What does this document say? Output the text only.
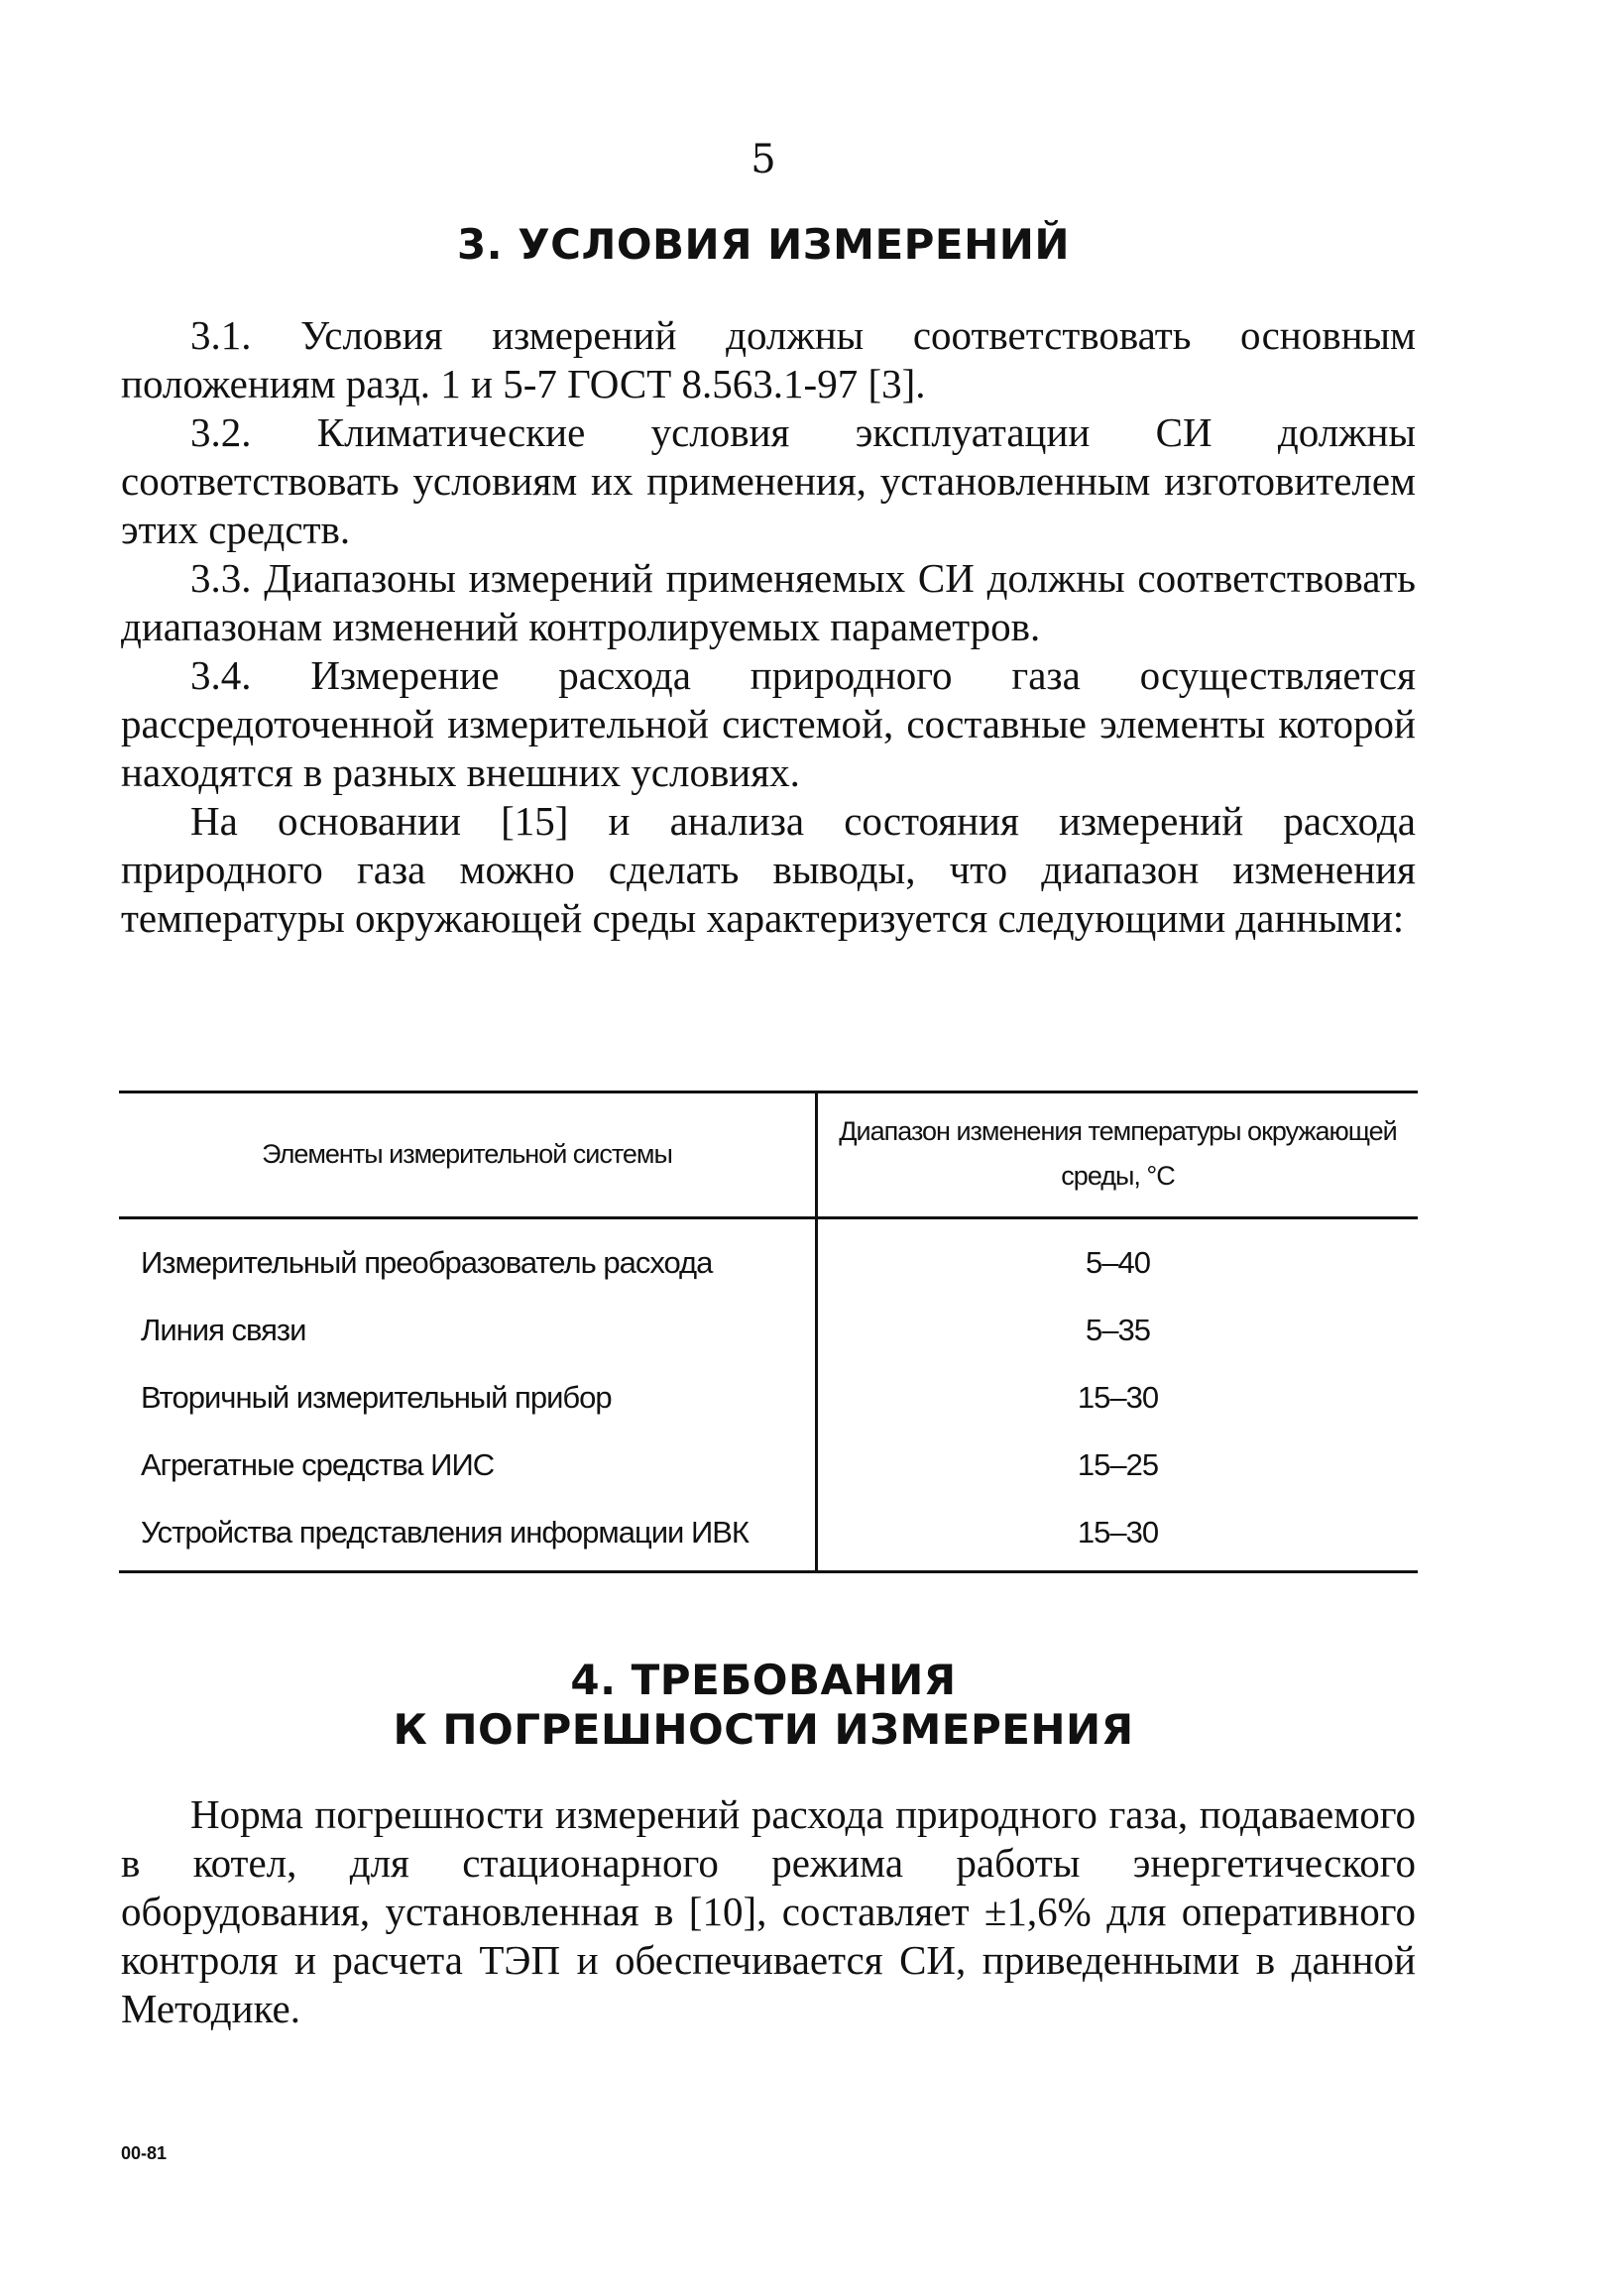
5
3. УСЛОВИЯ ИЗМЕРЕНИЙ

3.1. Условия измерений должны соответствовать основным положениям разд. 1 и 5-7 ГОСТ 8.563.1-97 [3].

3.2. Климатические условия эксплуатации СИ должны соответствовать условиям их применения, установленным изготовителем этих средств.

3.3. Диапазоны измерений применяемых СИ должны соответствовать диапазонам изменений контролируемых параметров.

3.4. Измерение расхода природного газа осуществляется рассредоточенной измерительной системой, составные элементы которой находятся в разных внешних условиях.

На основании [15] и анализа состояния измерений расхода природного газа можно сделать выводы, что диапазон изменения температуры окружающей среды характеризуется следующими данными:

Элементы измерительной системы	Диапазон изменения температуры окружающей среды, °С
Измерительный преобразователь расхода	5–40
Линия связи	5–35
Вторичный измерительный прибор	15–30
Агрегатные средства ИИС	15–25
Устройства представления информации ИВК	15–30
4. ТРЕБОВАНИЯ
К ПОГРЕШНОСТИ ИЗМЕРЕНИЯ

Норма погрешности измерений расхода природного газа, подаваемого в котел, для стационарного режима работы энергетического оборудования, установленная в [10], составляет ±1,6% для оперативного контроля и расчета ТЭП и обеспечивается СИ, приведенными в данной Методике.

00-81
